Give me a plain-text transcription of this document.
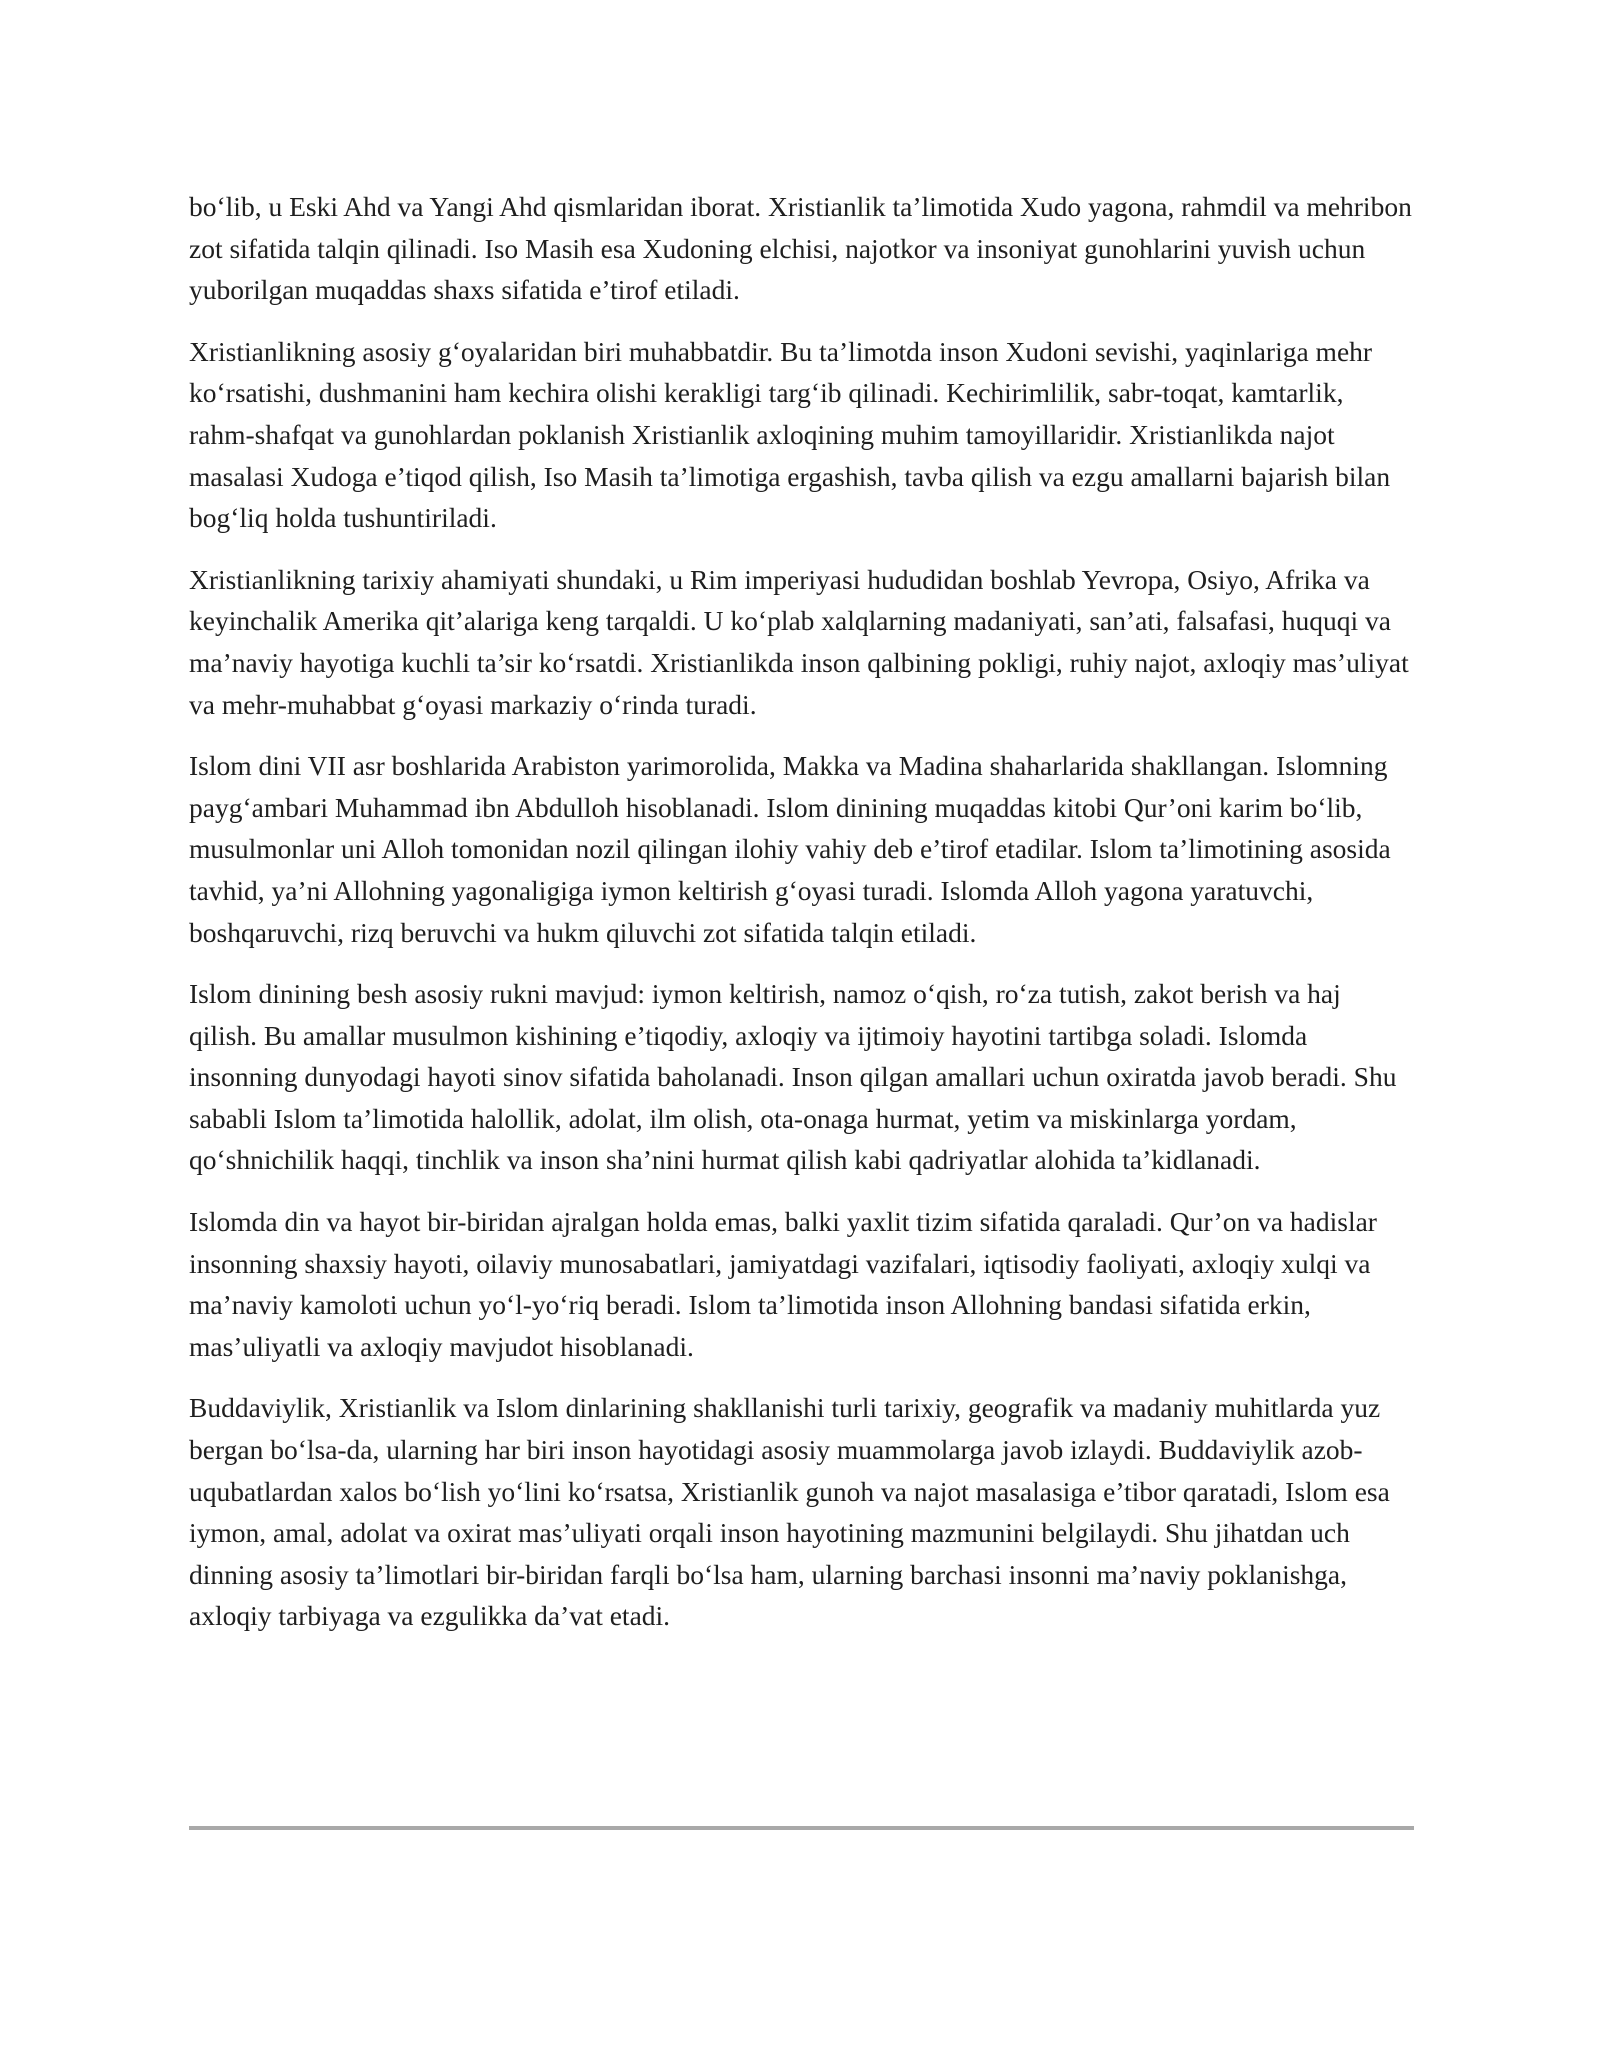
bo‘lib, u Eski Ahd va Yangi Ahd qismlaridan iborat. Xristianlik ta’limotida Xudo yagona, rahmdil va mehribon zot sifatida talqin qilinadi. Iso Masih esa Xudoning elchisi, najotkor va insoniyat gunohlarini yuvish uchun yuborilgan muqaddas shaxs sifatida e’tirof etiladi.

Xristianlikning asosiy g‘oyalaridan biri muhabbatdir. Bu ta’limotda inson Xudoni sevishi, yaqinlariga mehr ko‘rsatishi, dushmanini ham kechira olishi kerakligi targ‘ib qilinadi. Kechirimlilik, sabr-toqat, kamtarlik, rahm-shafqat va gunohlardan poklanish Xristianlik axloqining muhim tamoyillaridir. Xristianlikda najot masalasi Xudoga e’tiqod qilish, Iso Masih ta’limotiga ergashish, tavba qilish va ezgu amallarni bajarish bilan bog‘liq holda tushuntiriladi.

Xristianlikning tarixiy ahamiyati shundaki, u Rim imperiyasi hududidan boshlab Yevropa, Osiyo, Afrika va keyinchalik Amerika qit’alariga keng tarqaldi. U ko‘plab xalqlarning madaniyati, san’ati, falsafasi, huquqi va ma’naviy hayotiga kuchli ta’sir ko‘rsatdi. Xristianlikda inson qalbining pokligi, ruhiy najot, axloqiy mas’uliyat va mehr-muhabbat g‘oyasi markaziy o‘rinda turadi.

Islom dini VII asr boshlarida Arabiston yarimorolida, Makka va Madina shaharlarida shakllangan. Islomning payg‘ambari Muhammad ibn Abdulloh hisoblanadi. Islom dinining muqaddas kitobi Qur’oni karim bo‘lib, musulmonlar uni Alloh tomonidan nozil qilingan ilohiy vahiy deb e’tirof etadilar. Islom ta’limotining asosida tavhid, ya’ni Allohning yagonaligiga iymon keltirish g‘oyasi turadi. Islomda Alloh yagona yaratuvchi, boshqaruvchi, rizq beruvchi va hukm qiluvchi zot sifatida talqin etiladi.

Islom dinining besh asosiy rukni mavjud: iymon keltirish, namoz o‘qish, ro‘za tutish, zakot berish va haj qilish. Bu amallar musulmon kishining e’tiqodiy, axloqiy va ijtimoiy hayotini tartibga soladi. Islomda insonning dunyodagi hayoti sinov sifatida baholanadi. Inson qilgan amallari uchun oxiratda javob beradi. Shu sababli Islom ta’limotida halollik, adolat, ilm olish, ota-onaga hurmat, yetim va miskinlarga yordam, qo‘shnichilik haqqi, tinchlik va inson sha’nini hurmat qilish kabi qadriyatlar alohida ta’kidlanadi.

Islomda din va hayot bir-biridan ajralgan holda emas, balki yaxlit tizim sifatida qaraladi. Qur’on va hadislar insonning shaxsiy hayoti, oilaviy munosabatlari, jamiyatdagi vazifalari, iqtisodiy faoliyati, axloqiy xulqi va ma’naviy kamoloti uchun yo‘l-yo‘riq beradi. Islom ta’limotida inson Allohning bandasi sifatida erkin, mas’uliyatli va axloqiy mavjudot hisoblanadi.

Buddaviylik, Xristianlik va Islom dinlarining shakllanishi turli tarixiy, geografik va madaniy muhitlarda yuz bergan bo‘lsa-da, ularning har biri inson hayotidagi asosiy muammolarga javob izlaydi. Buddaviylik azob-uqubatlardan xalos bo‘lish yo‘lini ko‘rsatsa, Xristianlik gunoh va najot masalasiga e’tibor qaratadi, Islom esa iymon, amal, adolat va oxirat mas’uliyati orqali inson hayotining mazmunini belgilaydi. Shu jihatdan uch dinning asosiy ta’limotlari bir-biridan farqli bo‘lsa ham, ularning barchasi insonni ma’naviy poklanishga, axloqiy tarbiyaga va ezgulikka da’vat etadi.
